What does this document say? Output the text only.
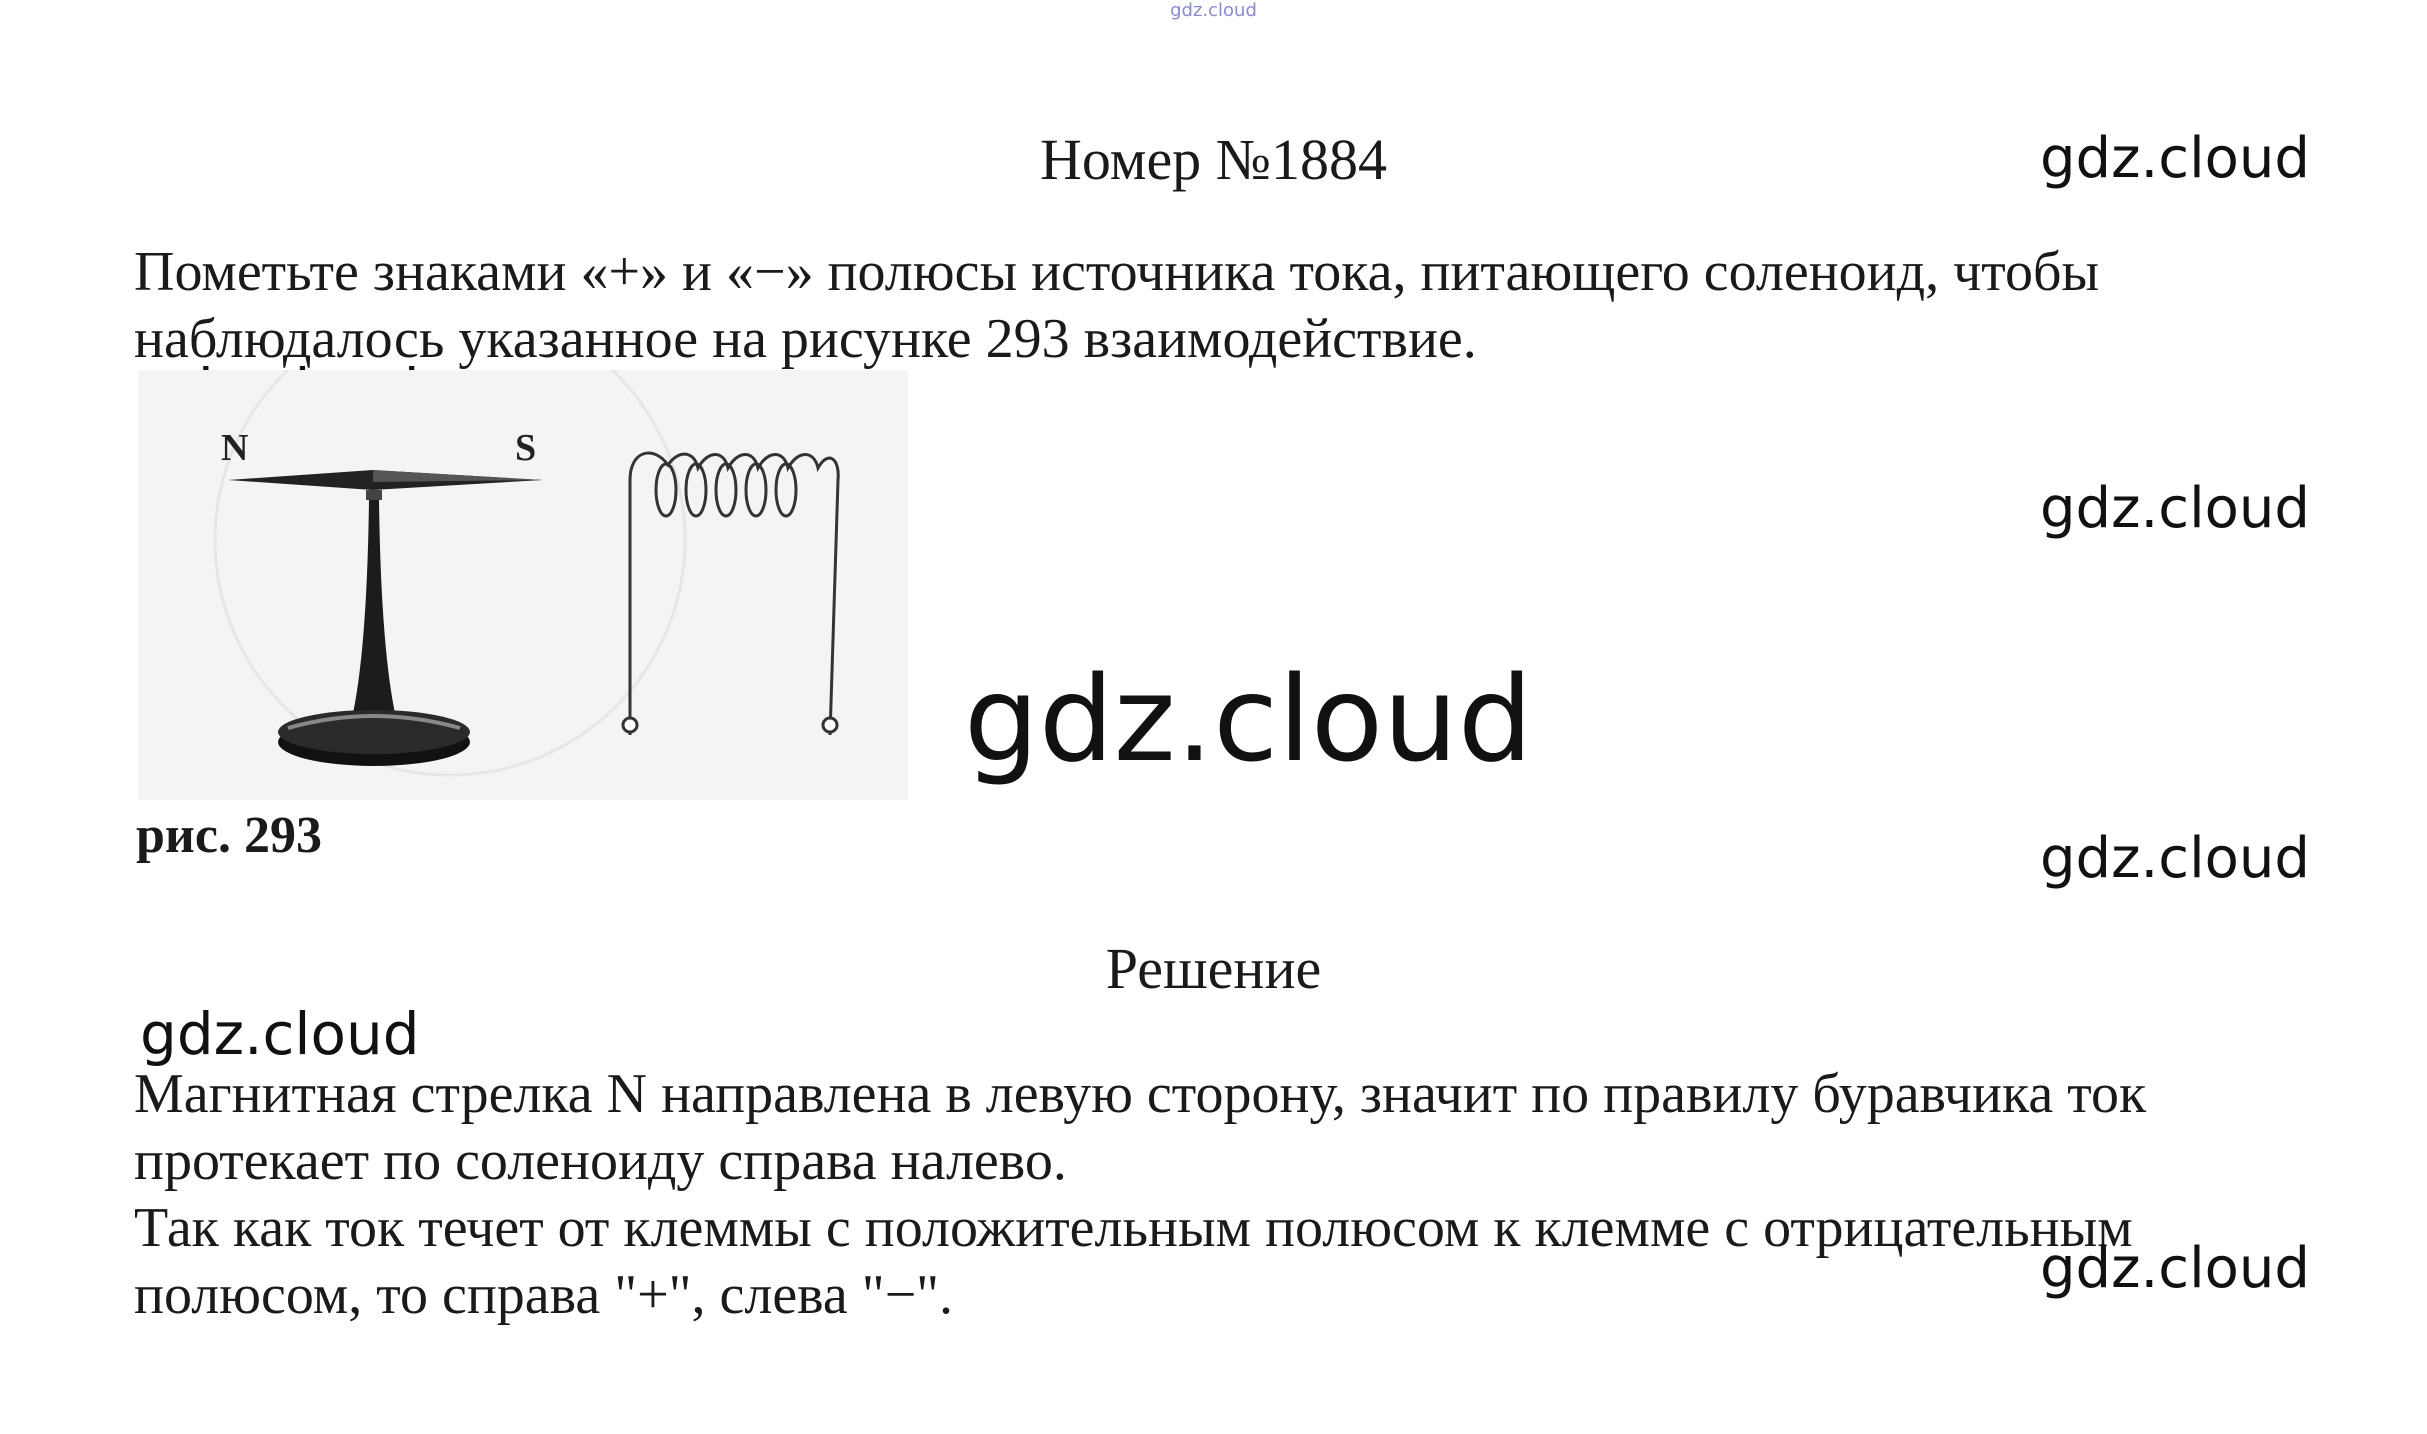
gdz.cloud
Номер №1884	gdz.cloud
Пометьте знаками «+» и «−» полюсы источника тока, питающего соленоид, чтобы
наблюдалось указанное на рисунке 293 взаимодействие.
N	S
gdz.cloud
gdz.cloud
рис. 293	gdz.cloud
Решение
gdz.cloud
Магнитная стрелка N направлена в левую сторону, значит по правилу буравчика ток
протекает по соленоиду справа налево.
Так как ток течет от клеммы с положительным полюсом к клемме с отрицательным
полюсом, то справа "+", слева "−".	gdz.cloud
